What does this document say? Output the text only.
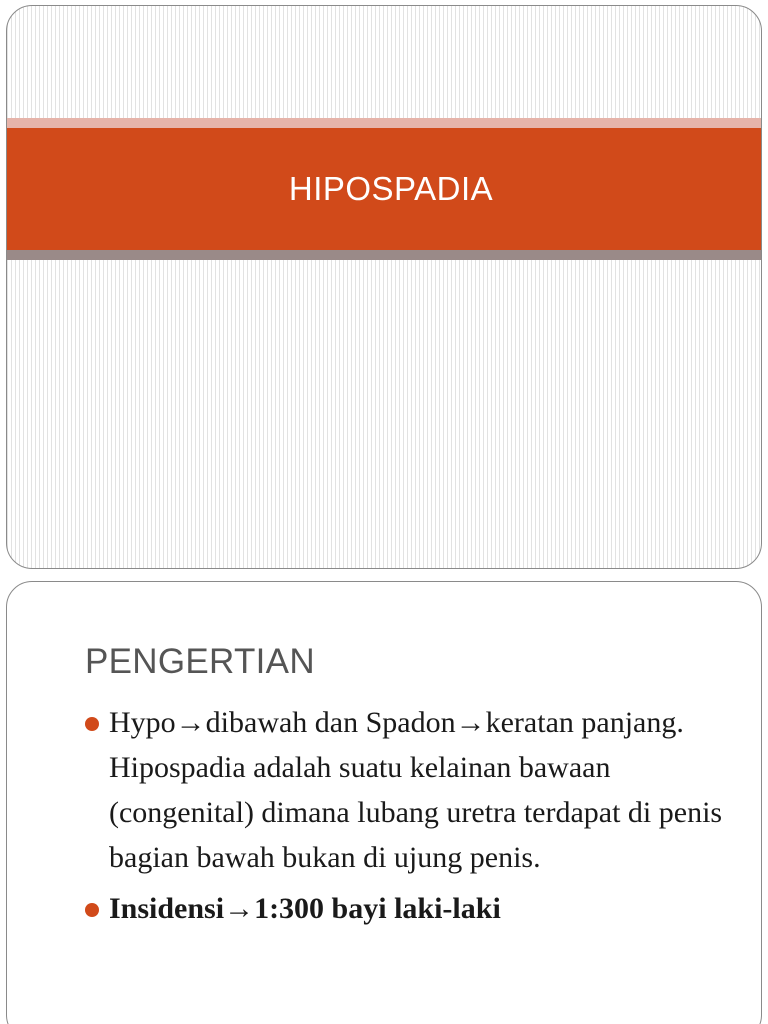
HIPOSPADIA
PENGERTIAN
Hypo→dibawah dan Spadon→keratan panjang. Hipospadia adalah suatu kelainan bawaan (congenital) dimana lubang uretra terdapat di penis bagian bawah bukan di ujung penis.
Insidensi→1:300 bayi laki-laki
